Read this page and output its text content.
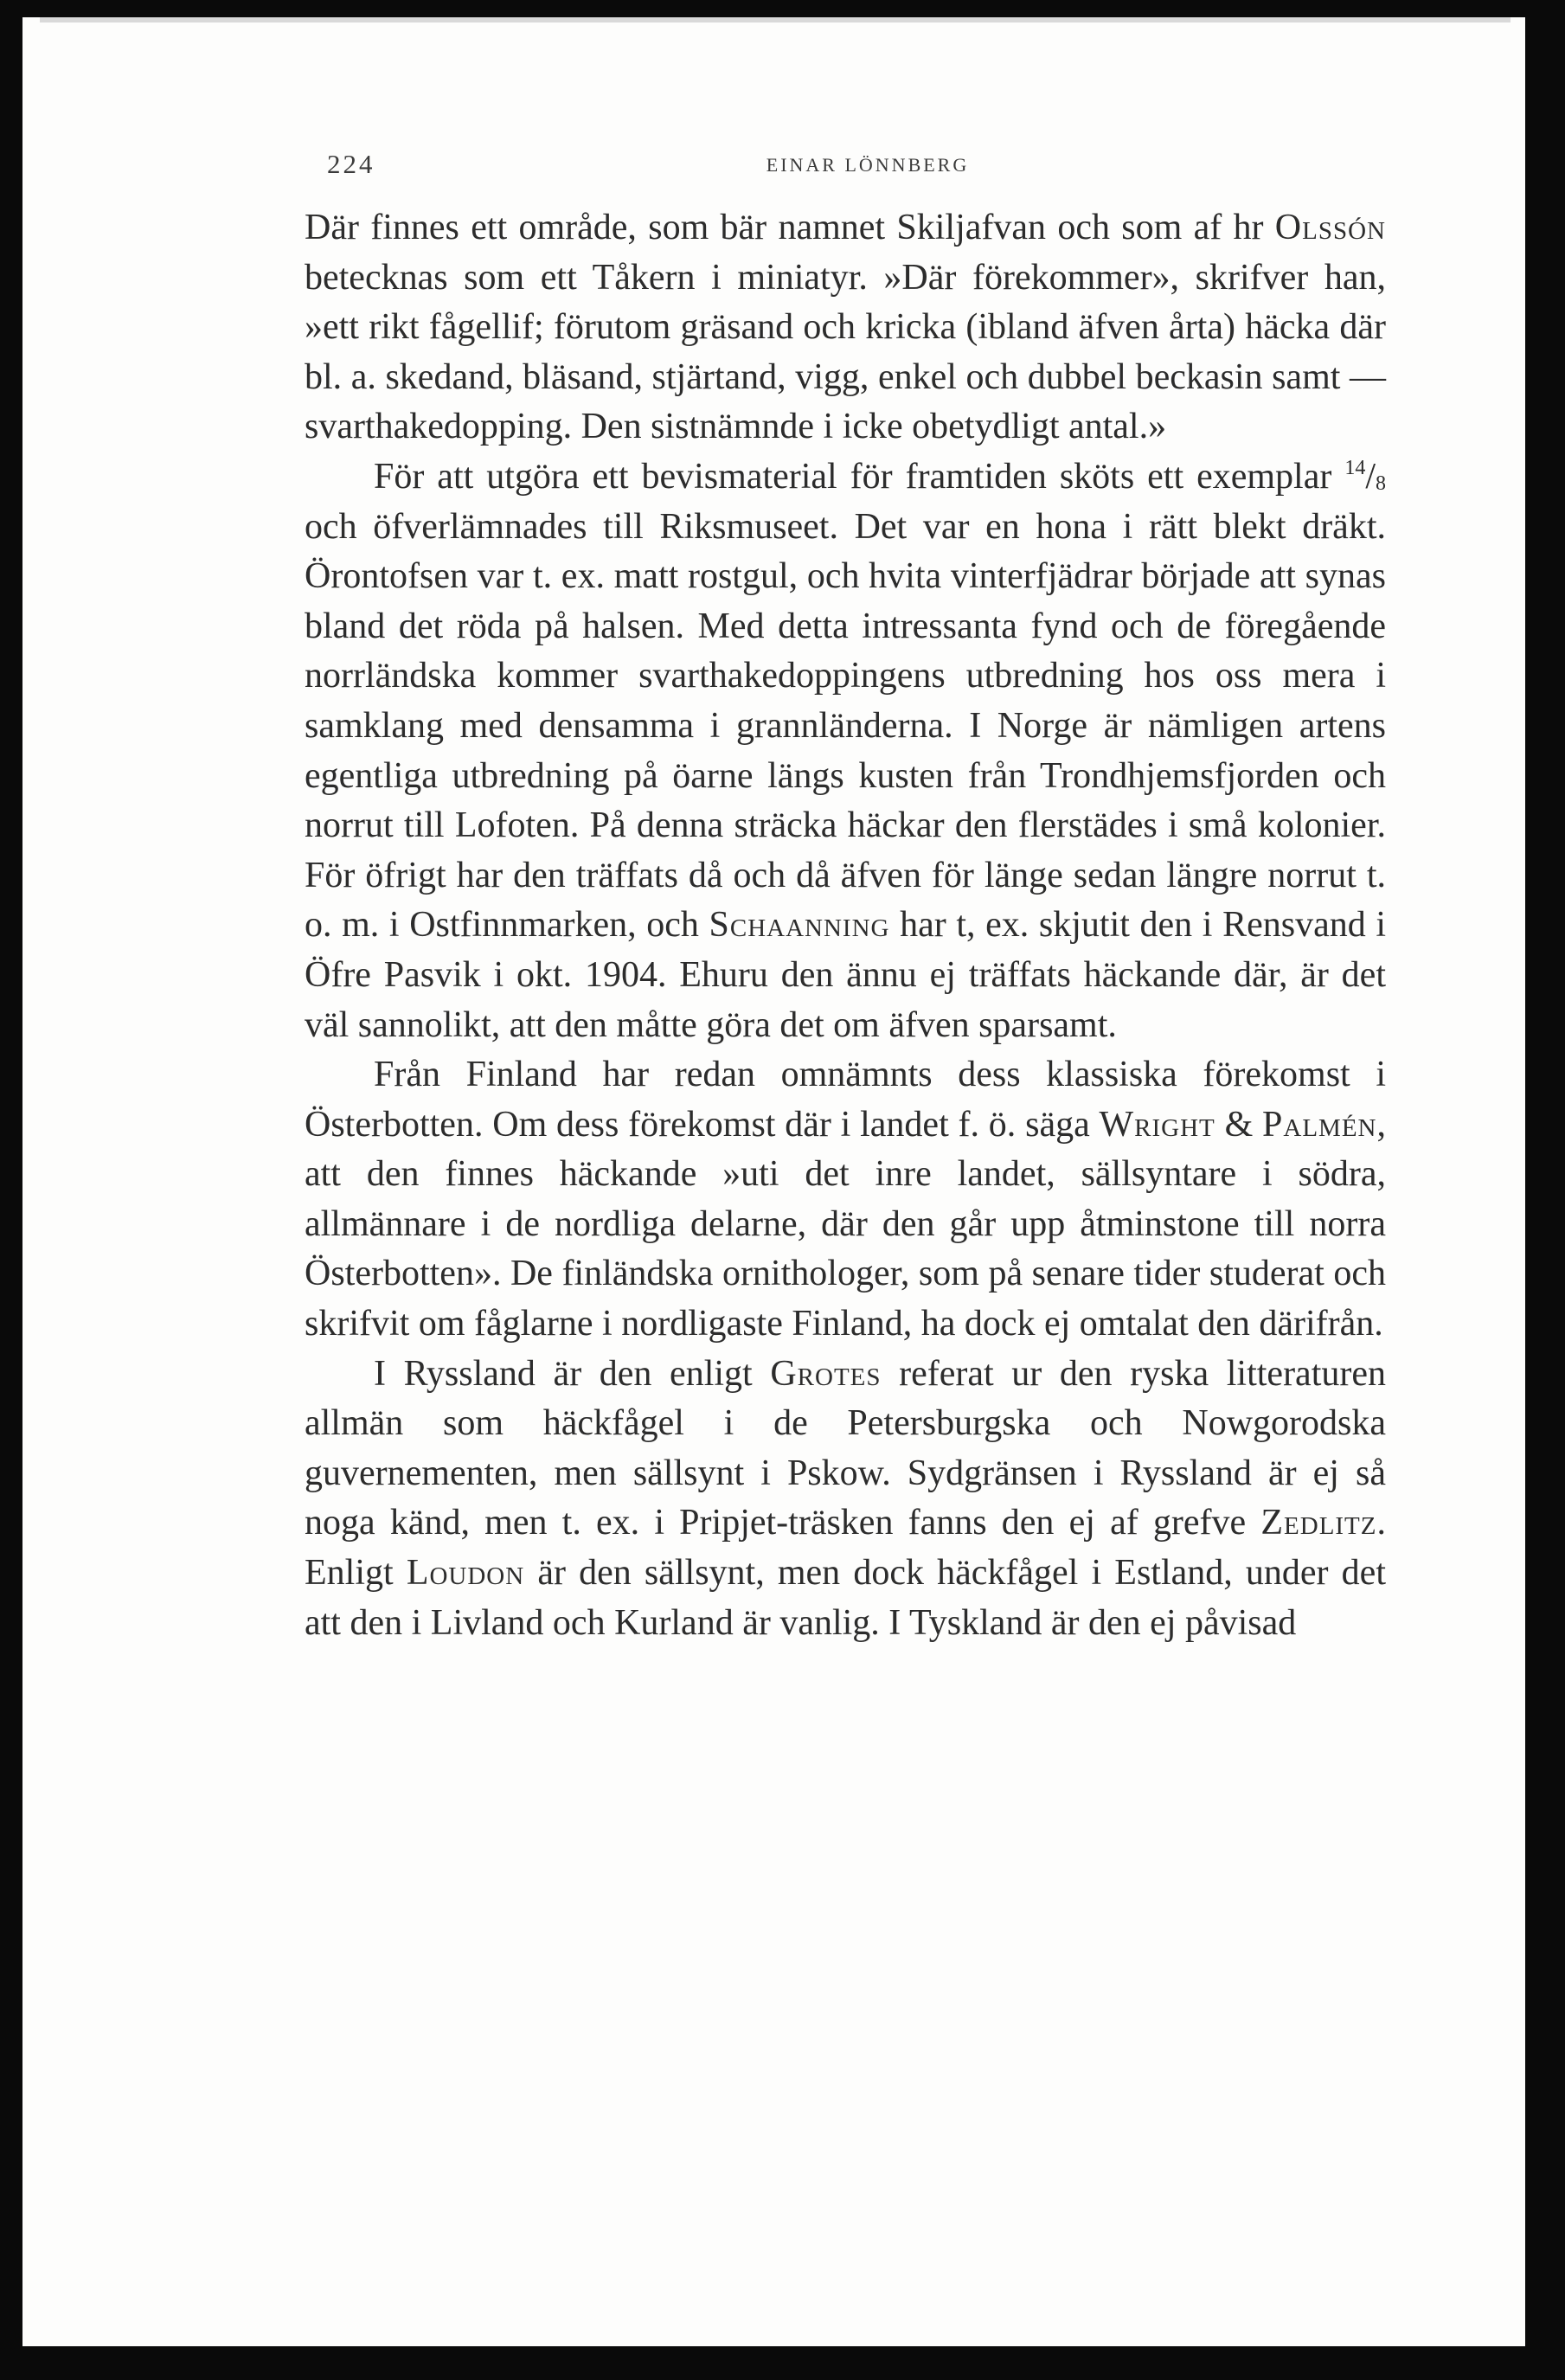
224	EINAR LÖNNBERG

Där finnes ett område, som bär namnet Skiljafvan och som af hr Olssón betecknas som ett Tåkern i miniatyr. »Där förekommer», skrifver han, »ett rikt fågellif; förutom gräsand och kricka (ibland äfven årta) häcka där bl. a. skedand, bläsand, stjärtand, vigg, enkel och dubbel beckasin samt — svarthakedopping. Den sistnämnde i icke obetydligt antal.»

För att utgöra ett bevismaterial för framtiden sköts ett exemplar $^{14}/_8$ och öfverlämnades till Riksmuseet. Det var en hona i rätt blekt dräkt. Örontofsen var t. ex. matt rostgul, och hvita vinterfjädrar började att synas bland det röda på halsen. Med detta intressanta fynd och de föregående norrländska kommer svarthakedoppingens utbredning hos oss mera i samklang med densamma i grannländerna. I Norge är nämligen artens egentliga utbredning på öarne längs kusten från Trondhjemsfjorden och norrut till Lofoten. På denna sträcka häckar den flerstädes i små kolonier. För öfrigt har den träffats då och då äfven för länge sedan längre norrut t. o. m. i Ostfinnmarken, och Schaanning har t, ex. skjutit den i Rensvand i Öfre Pasvik i okt. 1904. Ehuru den ännu ej träffats häckande där, är det väl sannolikt, att den måtte göra det om äfven sparsamt.

Från Finland har redan omnämnts dess klassiska förekomst i Österbotten. Om dess förekomst där i landet f. ö. säga Wright & Palmén, att den finnes häckande »uti det inre landet, sällsyntare i södra, allmännare i de nordliga delarne, där den går upp åtminstone till norra Österbotten». De finländska ornithologer, som på senare tider studerat och skrifvit om fåglarne i nordligaste Finland, ha dock ej omtalat den därifrån.

I Ryssland är den enligt Grotes referat ur den ryska litteraturen allmän som häckfågel i de Petersburgska och Nowgorodska guvernementen, men sällsynt i Pskow. Sydgränsen i Ryssland är ej så noga känd, men t. ex. i Pripjet-träsken fanns den ej af grefve Zedlitz. Enligt Loudon är den sällsynt, men dock häckfågel i Estland, under det att den i Livland och Kurland är vanlig. I Tyskland är den ej påvisad
